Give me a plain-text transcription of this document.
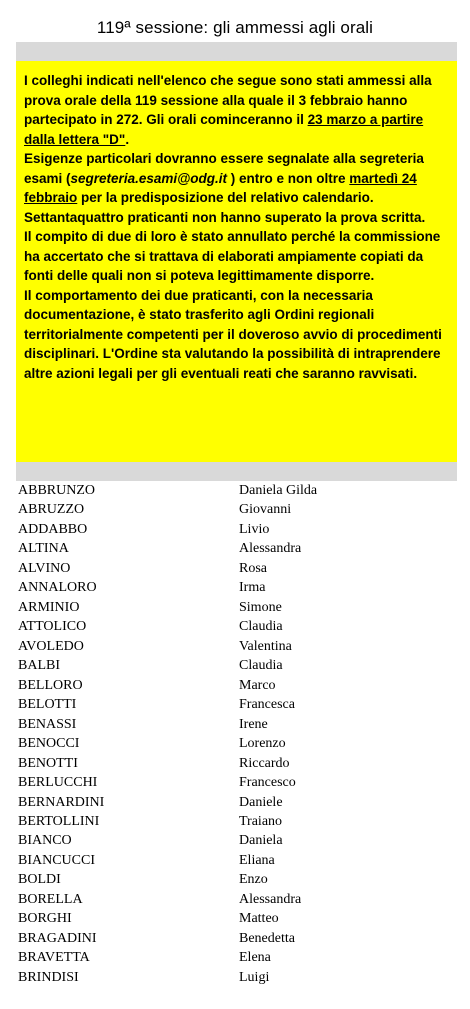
119ª sessione: gli ammessi agli orali

I colleghi indicati nell'elenco che segue sono stati ammessi alla prova orale della 119 sessione alla quale il 3 febbraio hanno partecipato in 272. Gli orali cominceranno il 23 marzo a partire dalla lettera "D".

Esigenze particolari dovranno essere segnalate alla segreteria esami (segreteria.esami@odg.it ) entro e non oltre martedì 24 febbraio per la predisposizione del relativo calendario.

Settantaquattro praticanti non hanno superato la prova scritta.

Il compito di due di loro è stato annullato perché la commissione ha accertato che si trattava di elaborati ampiamente copiati da fonti delle quali non si poteva legittimamente disporre.

Il comportamento dei due praticanti, con la necessaria documentazione, è stato trasferito agli Ordini regionali territorialmente competenti per il doveroso avvio di procedimenti disciplinari. L'Ordine sta valutando la possibilità di intraprendere altre azioni legali per gli eventuali reati che saranno ravvisati.

ABBRUNZO	Daniela Gilda
ABRUZZO	Giovanni
ADDABBO	Livio
ALTINA	Alessandra
ALVINO	Rosa
ANNALORO	Irma
ARMINIO	Simone
ATTOLICO	Claudia
AVOLEDO	Valentina
BALBI	Claudia
BELLORO	Marco
BELOTTI	Francesca
BENASSI	Irene
BENOCCI	Lorenzo
BENOTTI	Riccardo
BERLUCCHI	Francesco
BERNARDINI	Daniele
BERTOLLINI	Traiano
BIANCO	Daniela
BIANCUCCI	Eliana
BOLDI	Enzo
BORELLA	Alessandra
BORGHI	Matteo
BRAGADINI	Benedetta
BRAVETTA	Elena
BRINDISI	Luigi
